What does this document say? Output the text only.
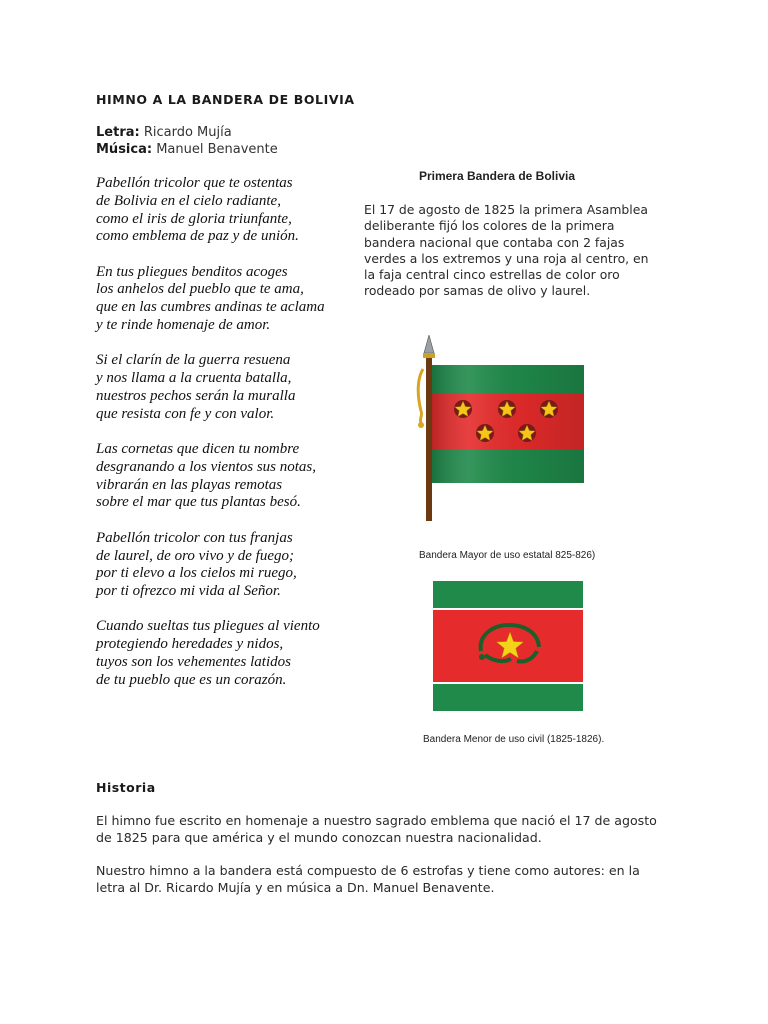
HIMNO A LA BANDERA DE BOLIVIA
Letra: Ricardo Mujía
Música: Manuel Benavente
Pabellón tricolor que te ostentas
de Bolivia en el cielo radiante,
como el iris de gloria triunfante,
como emblema de paz y de unión.
En tus pliegues benditos acoges
los anhelos del pueblo que te ama,
que en las cumbres andinas te aclama
y te rinde homenaje de amor.
Si el clarín de la guerra resuena
y nos llama a la cruenta batalla,
nuestros pechos serán la muralla
que resista con fe y con valor.
Las cornetas que dicen tu nombre
desgranando a los vientos sus notas,
vibrarán en las playas remotas
sobre el mar que tus plantas besó.
Pabellón tricolor con tus franjas
de laurel, de oro vivo y de fuego;
por ti elevo a los cielos mi ruego,
por ti ofrezco mi vida al Señor.
Cuando sueltas tus pliegues al viento
protegiendo heredades y nidos,
tuyos son los vehementes latidos
de tu pueblo que es un corazón.
Primera Bandera de Bolivia
El 17 de agosto de 1825 la primera Asamblea deliberante fijó los colores de la primera bandera nacional que contaba con 2 fajas verdes a los extremos y una roja al centro, en la faja central cinco estrellas de color oro rodeado por samas de olivo y laurel.
Bandera Mayor de uso estatal 825-826)
Bandera Menor de uso civil (1825-1826).
Historia
El himno fue escrito en homenaje a nuestro sagrado emblema que nació el 17 de agosto de 1825 para que américa y el mundo conozcan nuestra nacionalidad.
Nuestro himno a la bandera está compuesto de 6 estrofas y tiene como autores: en la letra al Dr. Ricardo Mujía y en música a Dn. Manuel Benavente.
